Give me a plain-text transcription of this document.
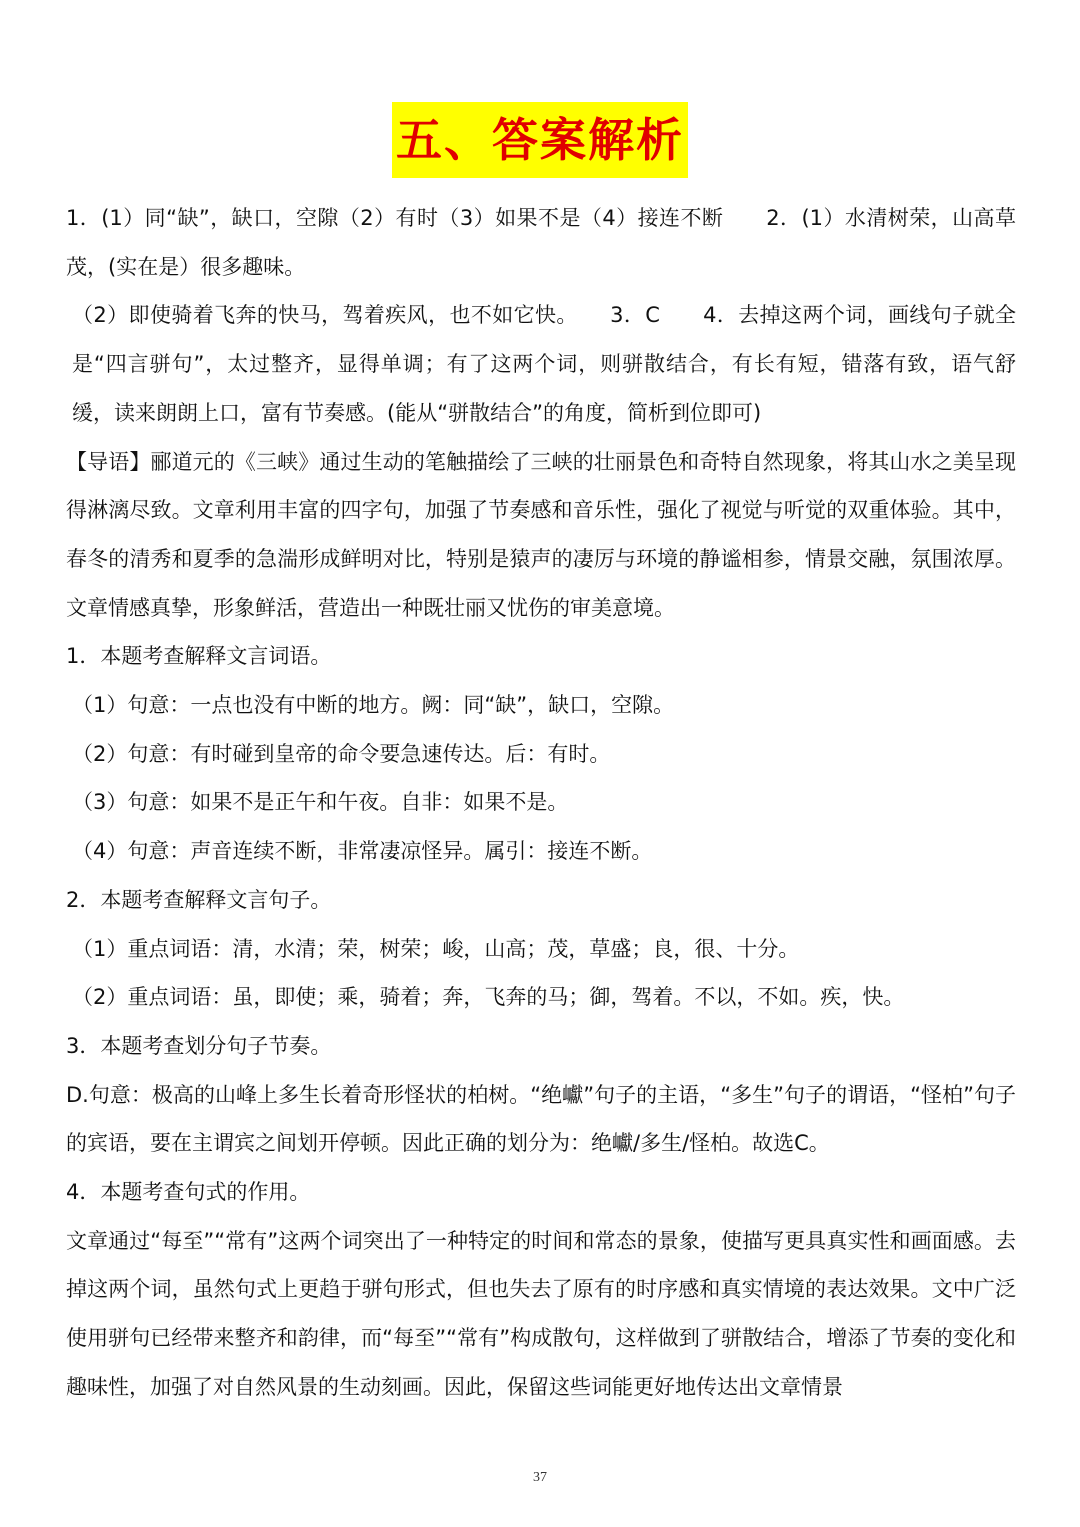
五、答案解析

1．(1）同“缺”，缺口，空隙（2）有时（3）如果不是（4）接连不断　　2．(1）水清树荣，山高草茂，(实在是）很多趣味。

（2）即使骑着飞奔的快马，驾着疾风，也不如它快。　　3．C　　4．去掉这两个词，画线句子就全是“四言骈句”，太过整齐，显得单调；有了这两个词，则骈散结合，有长有短，错落有致，语气舒缓，读来朗朗上口，富有节奏感。(能从“骈散结合”的角度，简析到位即可)

【导语】郦道元的《三峡》通过生动的笔触描绘了三峡的壮丽景色和奇特自然现象，将其山水之美呈现得淋漓尽致。文章利用丰富的四字句，加强了节奏感和音乐性，强化了视觉与听觉的双重体验。其中，春冬的清秀和夏季的急湍形成鲜明对比，特别是猿声的凄厉与环境的静谧相参，情景交融，氛围浓厚。文章情感真挚，形象鲜活，营造出一种既壮丽又忧伤的审美意境。

1．本题考查解释文言词语。

（1）句意：一点也没有中断的地方。阙：同“缺”，缺口，空隙。

（2）句意：有时碰到皇帝的命令要急速传达。后：有时。

（3）句意：如果不是正午和午夜。自非：如果不是。

（4）句意：声音连续不断，非常凄凉怪异。属引：接连不断。

2．本题考查解释文言句子。

（1）重点词语：清，水清；荣，树荣；峻，山高；茂，草盛；良，很、十分。

（2）重点词语：虽，即使；乘，骑着；奔，飞奔的马；御，驾着。不以，不如。疾，快。

3．本题考查划分句子节奏。

D.句意：极高的山峰上多生长着奇形怪状的柏树。“绝巘”句子的主语，“多生”句子的谓语，“怪柏”句子的宾语，要在主谓宾之间划开停顿。因此正确的划分为：绝巘/多生/怪柏。故选C。

4．本题考查句式的作用。

文章通过“每至”“常有”这两个词突出了一种特定的时间和常态的景象，使描写更具真实性和画面感。去掉这两个词，虽然句式上更趋于骈句形式，但也失去了原有的时序感和真实情境的表达效果。文中广泛使用骈句已经带来整齐和韵律，而“每至”“常有”构成散句，这样做到了骈散结合，增添了节奏的变化和趣味性，加强了对自然风景的生动刻画。因此，保留这些词能更好地传达出文章情景

37
